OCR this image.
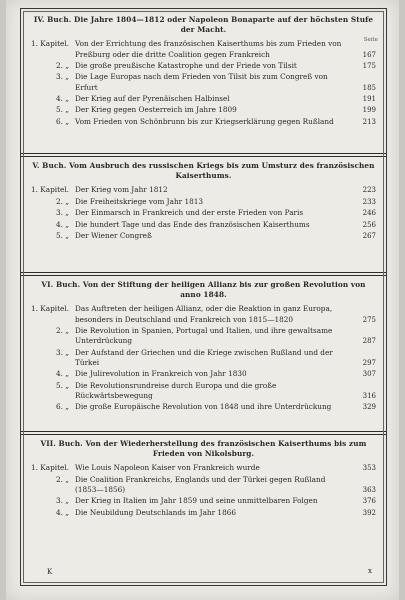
IV. Buch. Die Jahre 1804—1812 oder Napoleon Bonaparte auf der höchsten Stufe der Macht.
Seite
1. Kapitel. Von der Errichtung des französischen Kaiserthums bis zum Frieden von Preßburg oder die dritte Coalition gegen Frankreich	167
2. „ Die große preußische Katastrophe und der Friede von Tilsit	175
3. „ Die Lage Europas nach dem Frieden von Tilsit bis zum Congreß von Erfurt	185
4. „ Der Krieg auf der Pyrenäischen Halbinsel	191
5. „ Der Krieg gegen Oesterreich im Jahre 1809	199
6. „ Vom Frieden von Schönbrunn bis zur Kriegserklärung gegen Rußland	213
V. Buch. Vom Ausbruch des russischen Kriegs bis zum Umsturz des französischen Kaiserthums.
1. Kapitel. Der Krieg vom Jahr 1812	223
2. „ Die Freiheitskriege vom Jahr 1813	233
3. „ Der Einmarsch in Frankreich und der erste Frieden von Paris	246
4. „ Die hundert Tage und das Ende des französischen Kaiserthums	256
5. „ Der Wiener Congreß	267
VI. Buch. Von der Stiftung der heiligen Allianz bis zur großen Revolution von anno 1848.
1. Kapitel. Das Auftreten der heiligen Allianz, oder die Reaktion in ganz Europa, besonders in Deutschland und Frankreich von 1815—1820	275
2. „ Die Revolution in Spanien, Portugal und Italien, und ihre gewaltsame Unterdrückung	287
3. „ Der Aufstand der Griechen und die Kriege zwischen Rußland und der Türkei	297
4. „ Die Julirevolution in Frankreich von Jahr 1830	307
5. „ Die Revolutionsrundreise durch Europa und die große Rückwärtsbewegung	316
6. „ Die große Europäische Revolution von 1848 und ihre Unterdrückung	329
VII. Buch. Von der Wiederherstellung des französischen Kaiserthums bis zum Frieden von Nikolsburg.
1. Kapitel. Wie Louis Napoleon Kaiser von Frankreich wurde	353
2. „ Die Coalition Frankreichs, Englands und der Türkei gegen Rußland (1853—1856)	363
3. „ Der Krieg in Italien im Jahr 1859 und seine unmittelbaren Folgen	376
4. „ Die Neubildung Deutschlands im Jahr 1866	392
K	x
